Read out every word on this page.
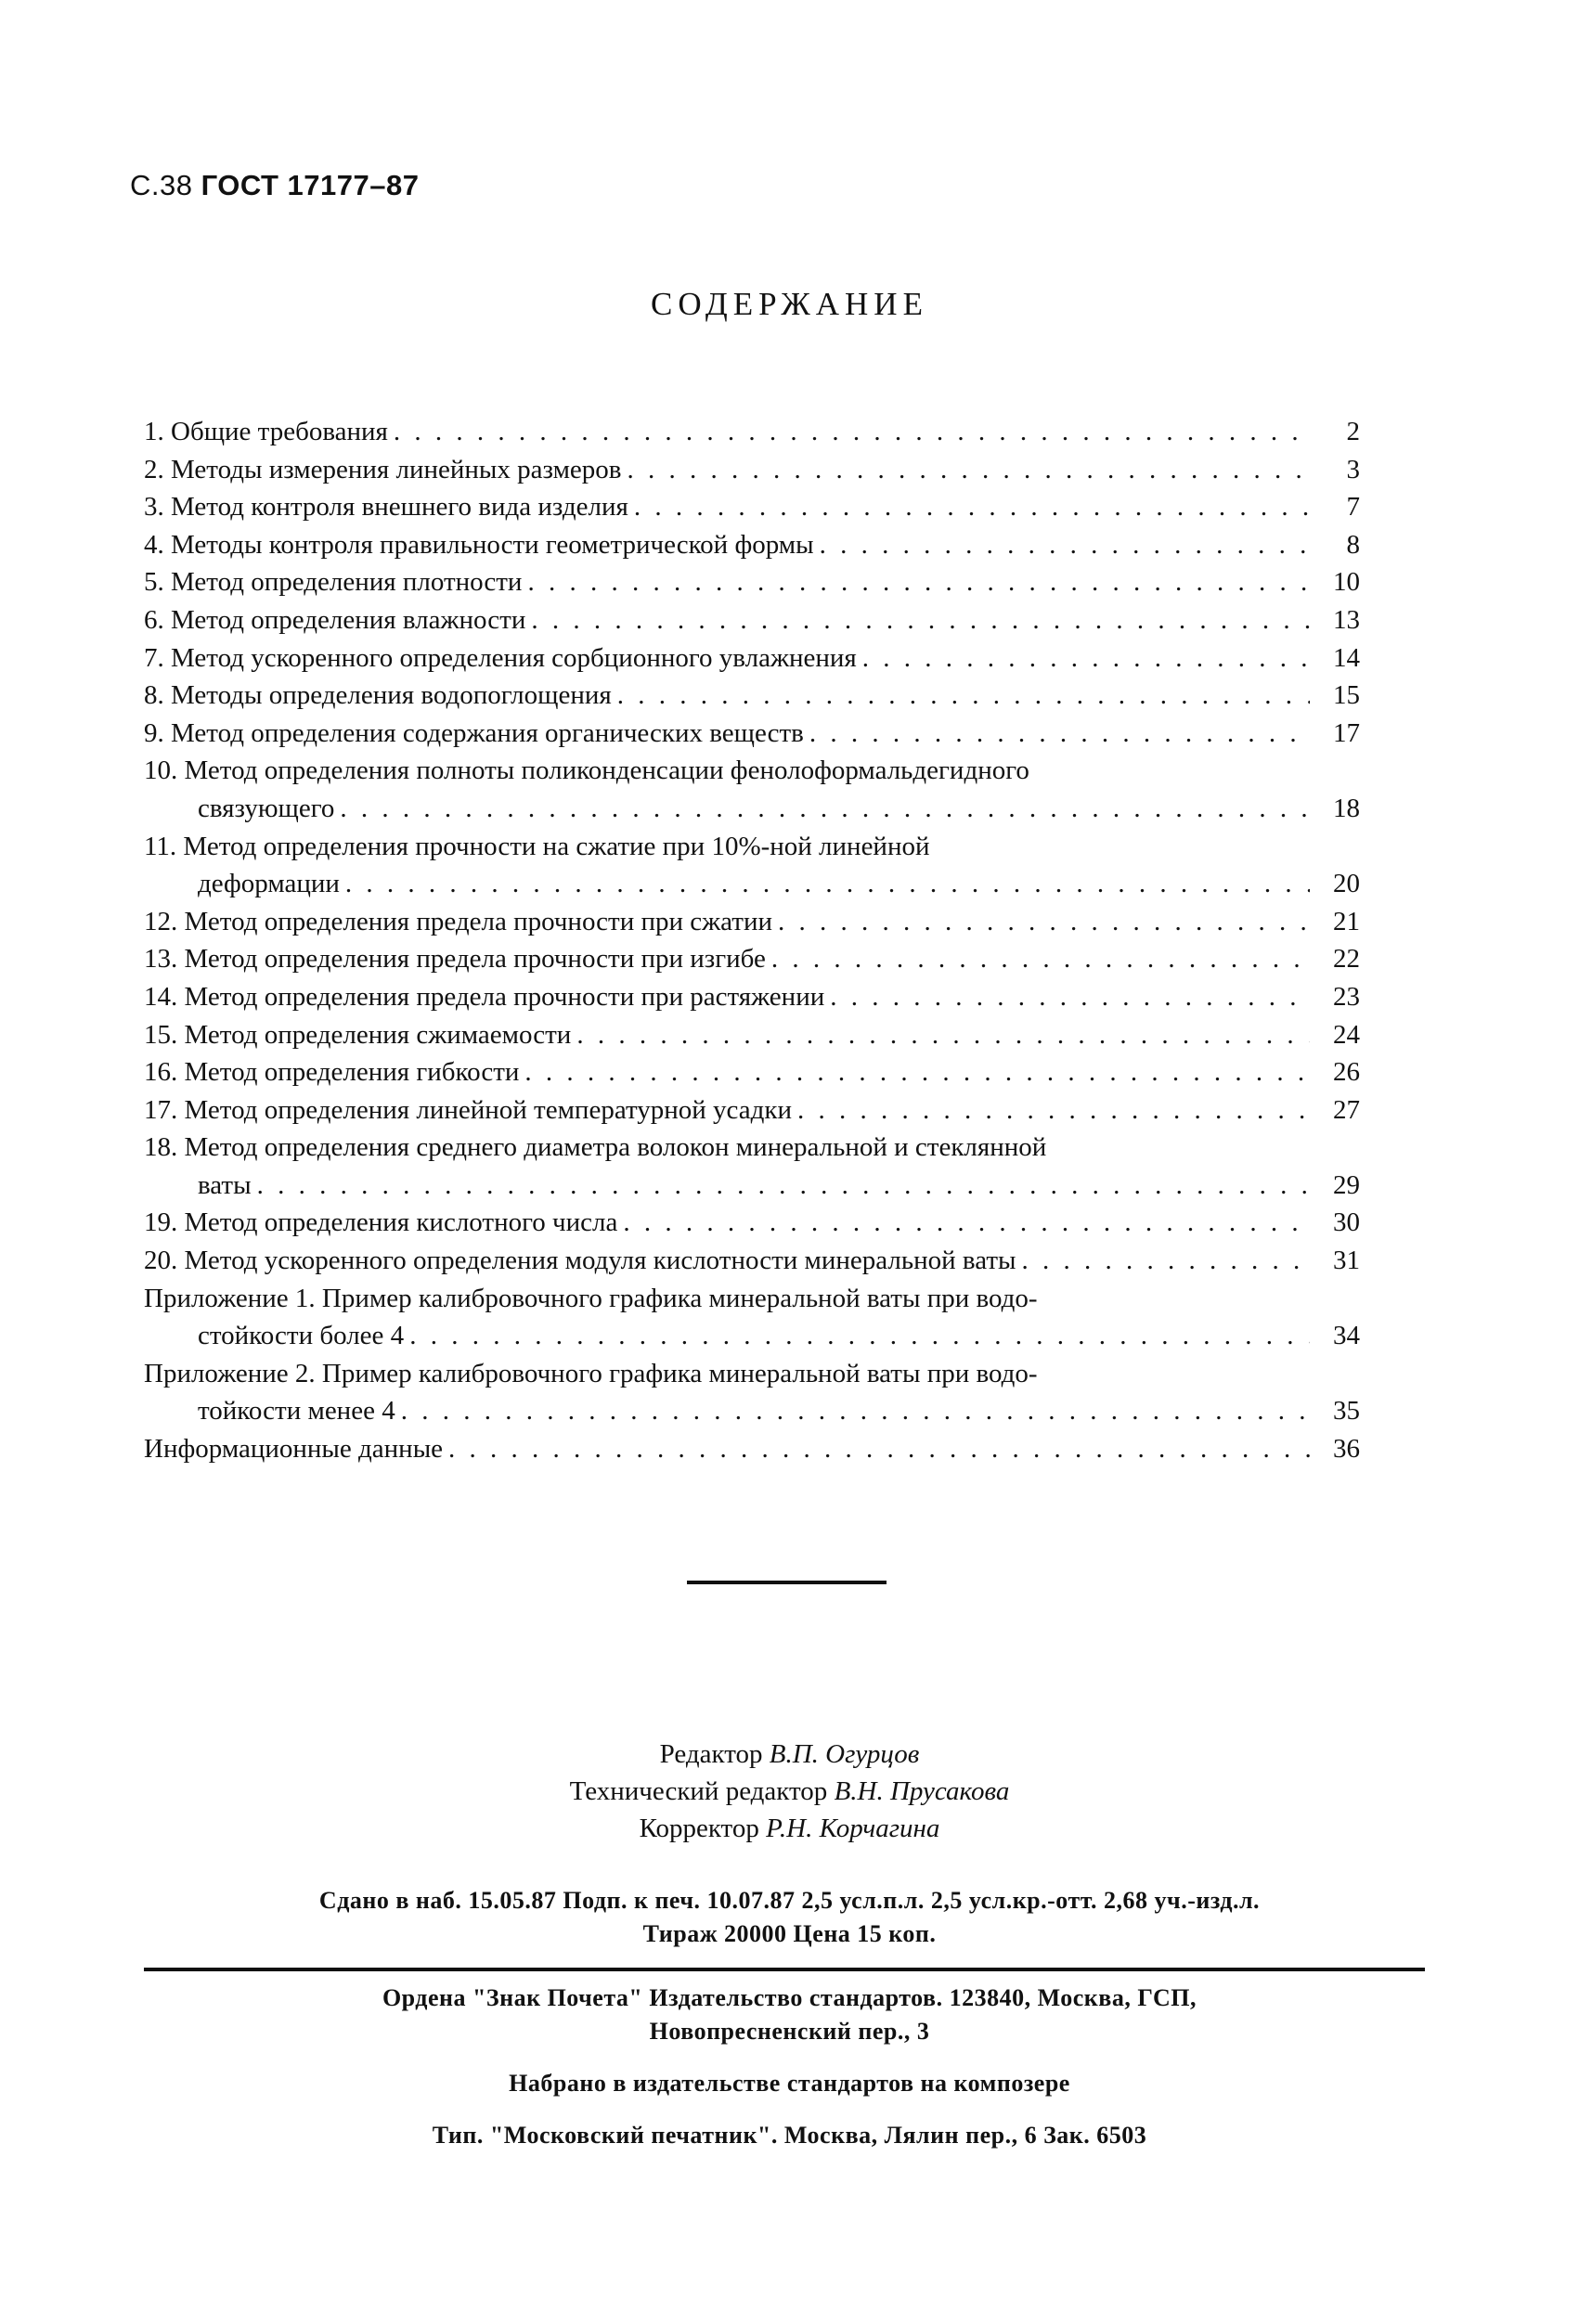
С.38 ГОСТ 17177–87
СОДЕРЖАНИЕ
1. Общие требования . . .	2
2. Методы измерения линейных размеров . . .	3
3. Метод контроля внешнего вида изделия . . .	7
4. Методы контроля правильности геометрической формы . . .	8
5. Метод определения плотности . . .	10
6. Метод определения влажности . . .	13
7. Метод ускоренного определения сорбционного увлажнения . . .	14
8. Методы определения водопоглощения . . .	15
9. Метод определения содержания органических веществ . . .	17
10. Метод определения полноты поликонденсации фенолоформальдегидного
связующего . . .	18
11. Метод определения прочности на сжатие при 10%-ной линейной
деформации . . .	20
12. Метод определения предела прочности при сжатии . . .	21
13. Метод определения предела прочности при изгибе . . .	22
14. Метод определения предела прочности при растяжении . . .	23
15. Метод определения сжимаемости . . .	24
16. Метод определения гибкости . . .	26
17. Метод определения линейной температурной усадки . . .	27
18. Метод определения среднего диаметра волокон минеральной и стеклянной
ваты . . .	29
19. Метод определения кислотного числа . . .	30
20. Метод ускоренного определения модуля кислотности минеральной ваты . . .	31
Приложение 1. Пример калибровочного графика минеральной ваты при водо-
стойкости более 4 . . .	34
Приложение 2. Пример калибровочного графика минеральной ваты при водо-
тойкости менее 4 . . .	35
Информационные данные . . .	36
Редактор В.П. Огурцов
Технический редактор В.Н. Прусакова
Корректор Р.Н. Корчагина
Сдано в наб. 15.05.87 Подп. к печ. 10.07.87 2,5 усл.п.л. 2,5 усл.кр.-отт. 2,68 уч.-изд.л.
Тираж 20000 Цена 15 коп.
Ордена "Знак Почета" Издательство стандартов. 123840, Москва, ГСП,
Новопресненский пер., 3
Набрано в издательстве стандартов на композере
Тип. "Московский печатник". Москва, Лялин пер., 6 Зак. 6503
